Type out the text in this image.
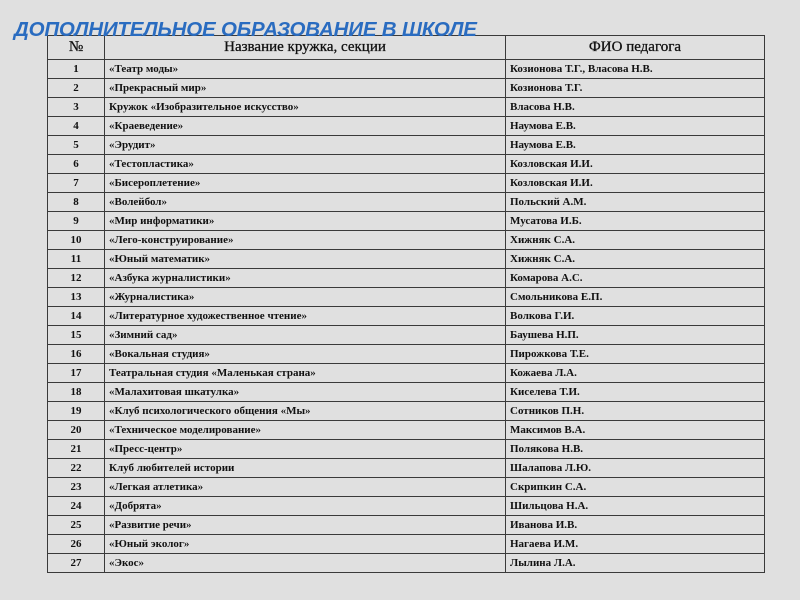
ДОПОЛНИТЕЛЬНОЕ ОБРАЗОВАНИЕ В ШКОЛЕ
№	Название кружка, секции	ФИО педагога
1	«Театр моды»	Козионова Т.Г., Власова Н.В.
2	«Прекрасный мир»	Козионова Т.Г.
3	Кружок «Изобразительное искусство»	Власова Н.В.
4	«Краеведение»	Наумова Е.В.
5	«Эрудит»	Наумова Е.В.
6	«Тестопластика»	Козловская И.И.
7	«Бисероплетение»	Козловская И.И.
8	«Волейбол»	Польский А.М.
9	«Мир информатики»	Мусатова И.Б.
10	«Лего-конструирование»	Хижняк С.А.
11	«Юный математик»	Хижняк С.А.
12	«Азбука журналистики»	Комарова А.С.
13	«Журналистика»	Смольникова Е.П.
14	«Литературное художественное чтение»	Волкова Г.И.
15	«Зимний сад»	Баушева Н.П.
16	«Вокальная студия»	Пирожкова Т.Е.
17	Театральная студия «Маленькая страна»	Кожаева Л.А.
18	«Малахитовая шкатулка»	Киселева Т.И.
19	«Клуб психологического общения «Мы»	Сотников П.Н.
20	«Техническое моделирование»	Максимов В.А.
21	«Пресс-центр»	Полякова Н.В.
22	Клуб любителей истории	Шалапова Л.Ю.
23	«Легкая атлетика»	Скрипкин С.А.
24	«Добрята»	Шильцова Н.А.
25	«Развитие речи»	Иванова И.В.
26	«Юный эколог»	Нагаева И.М.
27	«Экос»	Лылина Л.А.
